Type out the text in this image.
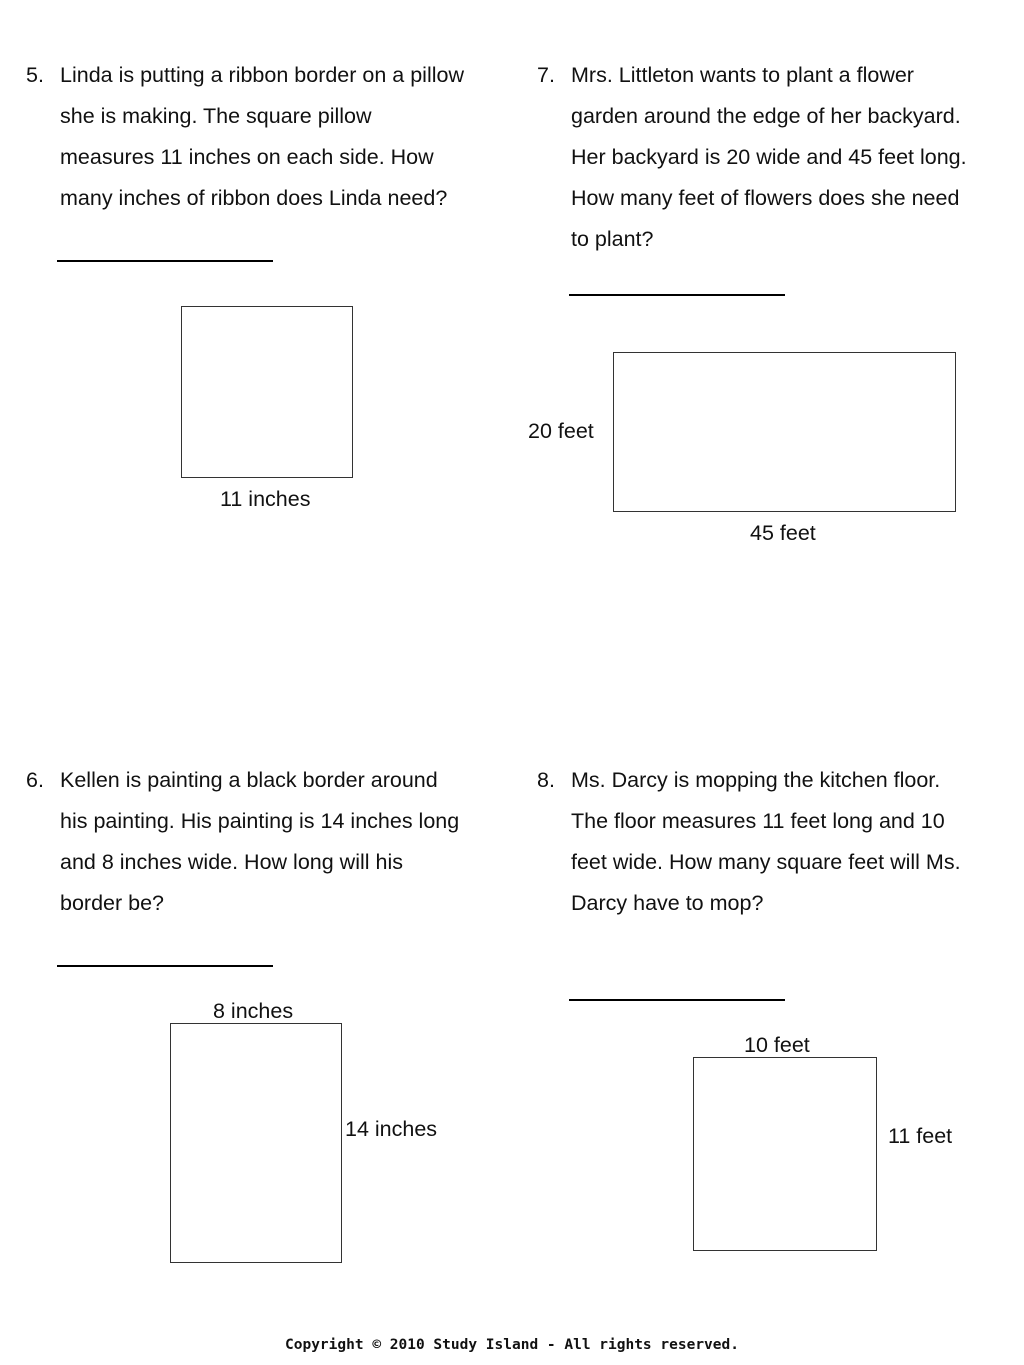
5. Linda is putting a ribbon border on a pillow
she is making. The square pillow
measures 11 inches on each side. How
many inches of ribbon does Linda need?
11 inches
7. Mrs. Littleton wants to plant a flower
garden around the edge of her backyard.
Her backyard is 20 wide and 45 feet long.
How many feet of flowers does she need
to plant?
20 feet
45 feet
6. Kellen is painting a black border around
his painting. His painting is 14 inches long
and 8 inches wide. How long will his
border be?
8 inches
14 inches
8. Ms. Darcy is mopping the kitchen floor.
The floor measures 11 feet long and 10
feet wide. How many square feet will Ms.
Darcy have to mop?
10 feet
11 feet
Copyright © 2010 Study Island - All rights reserved.
